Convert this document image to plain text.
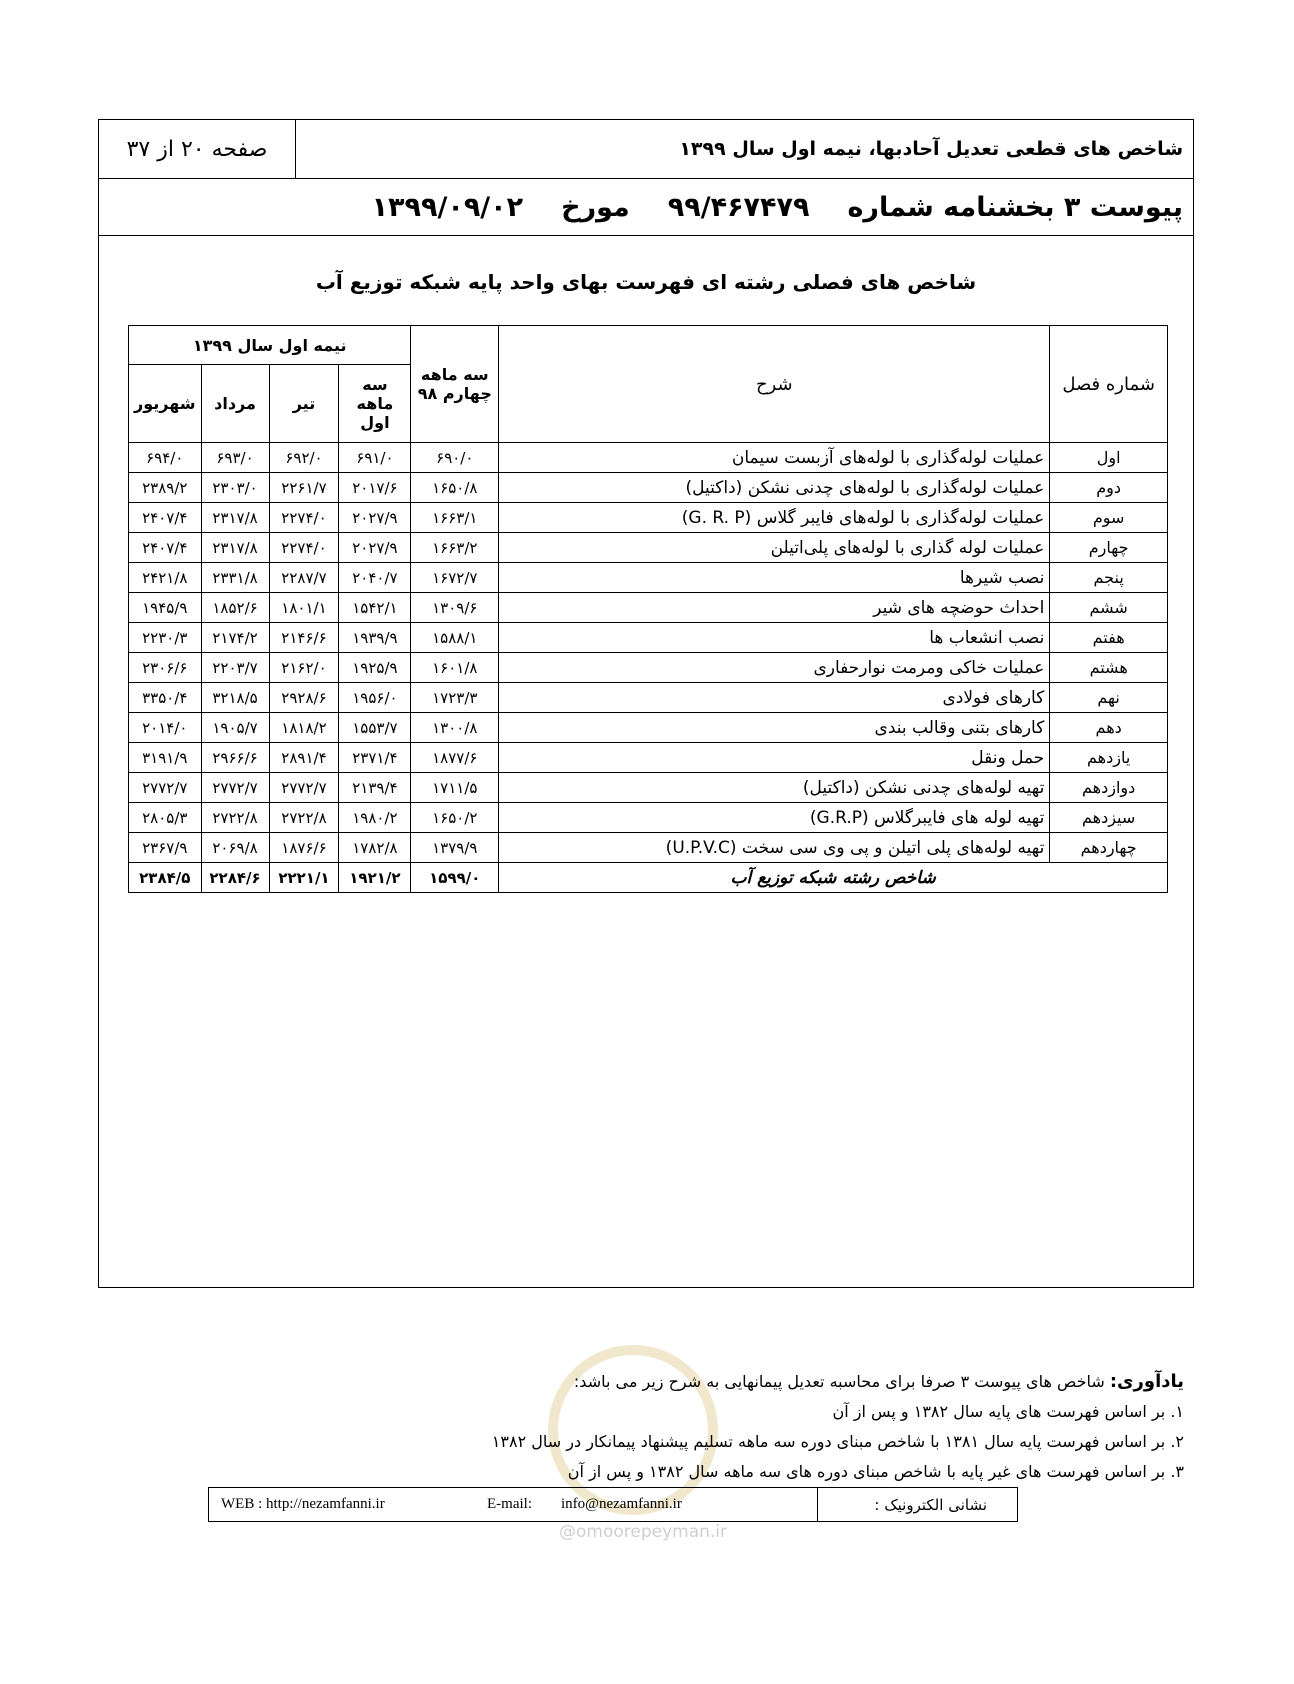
صفحه ۲۰ از ۳۷	شاخص های قطعی تعدیل آحادبها، نیمه اول سال ۱۳۹۹
پیوست ۳ بخشنامه شماره
۹۹/۴۶۷۴۷۹
مورخ
۱۳۹۹/۰۹/۰۲
شاخص های فصلی رشته ای فهرست بهای واحد پایه شبکه توزیع آب
شماره فصل	شرح	سه ماهه چهارم ۹۸	نیمه اول سال ۱۳۹۹			
			سه ماهه اول	تیر	مرداد	شهریور
اول	عملیات لوله‌گذاری با لوله‌های آزبست سیمان	۶۹۰/۰	۶۹۱/۰	۶۹۲/۰	۶۹۳/۰	۶۹۴/۰
دوم	عملیات لوله‌گذاری با لوله‌های چدنی نشکن (داکتیل)	۱۶۵۰/۸	۲۰۱۷/۶	۲۲۶۱/۷	۲۳۰۳/۰	۲۳۸۹/۲
سوم	عملیات لوله‌گذاری با لوله‌های فایبر گلاس (G. R. P)	۱۶۶۳/۱	۲۰۲۷/۹	۲۲۷۴/۰	۲۳۱۷/۸	۲۴۰۷/۴
چهارم	عملیات لوله گذاری با لوله‌های پلی‌اتیلن	۱۶۶۳/۲	۲۰۲۷/۹	۲۲۷۴/۰	۲۳۱۷/۸	۲۴۰۷/۴
پنجم	نصب شیرها	۱۶۷۲/۷	۲۰۴۰/۷	۲۲۸۷/۷	۲۳۳۱/۸	۲۴۲۱/۸
ششم	احداث حوضچه های شیر	۱۳۰۹/۶	۱۵۴۲/۱	۱۸۰۱/۱	۱۸۵۲/۶	۱۹۴۵/۹
هفتم	نصب انشعاب ها	۱۵۸۸/۱	۱۹۳۹/۹	۲۱۴۶/۶	۲۱۷۴/۲	۲۲۳۰/۳
هشتم	عملیات خاکی ومرمت نوارحفاری	۱۶۰۱/۸	۱۹۲۵/۹	۲۱۶۲/۰	۲۲۰۳/۷	۲۳۰۶/۶
نهم	کارهای فولادی	۱۷۲۳/۳	۱۹۵۶/۰	۲۹۲۸/۶	۳۲۱۸/۵	۳۳۵۰/۴
دهم	کارهای بتنی وقالب بندی	۱۳۰۰/۸	۱۵۵۳/۷	۱۸۱۸/۲	۱۹۰۵/۷	۲۰۱۴/۰
یازدهم	حمل ونقل	۱۸۷۷/۶	۲۳۷۱/۴	۲۸۹۱/۴	۲۹۶۶/۶	۳۱۹۱/۹
دوازدهم	تهیه لوله‌های چدنی نشکن (داکتیل)	۱۷۱۱/۵	۲۱۳۹/۴	۲۷۷۲/۷	۲۷۷۲/۷	۲۷۷۲/۷
سیزدهم	تهیه لوله های فایبرگلاس (G.R.P)	۱۶۵۰/۲	۱۹۸۰/۲	۲۷۲۲/۸	۲۷۲۲/۸	۲۸۰۵/۳
چهاردهم	تهیه لوله‌های پلی اتیلن و پی وی سی سخت (U.P.V.C)	۱۳۷۹/۹	۱۷۸۲/۸	۱۸۷۶/۶	۲۰۶۹/۸	۲۳۶۷/۹
شاخص رشته شبکه توزیع آب		۱۵۹۹/۰	۱۹۲۱/۲	۲۲۲۱/۱	۲۲۸۴/۶	۲۳۸۴/۵
@omoorepeyman.ir
یادآوری: شاخص های پیوست ۳ صرفا برای محاسبه تعدیل پیمانهایی به شرح زیر می باشد:
۱. بر اساس فهرست های پایه سال ۱۳۸۲ و پس از آن
۲. بر اساس فهرست پایه سال ۱۳۸۱ با شاخص مبنای دوره سه ماهه تسلیم پیشنهاد پیمانکار در سال ۱۳۸۲
۳. بر اساس فهرست های غیر پایه با شاخص مبنای دوره های سه ماهه سال ۱۳۸۲ و پس از آن
نشانی الکترونیک :
WEB : http://nezamfanni.ir	E-mail: info@nezamfanni.ir
